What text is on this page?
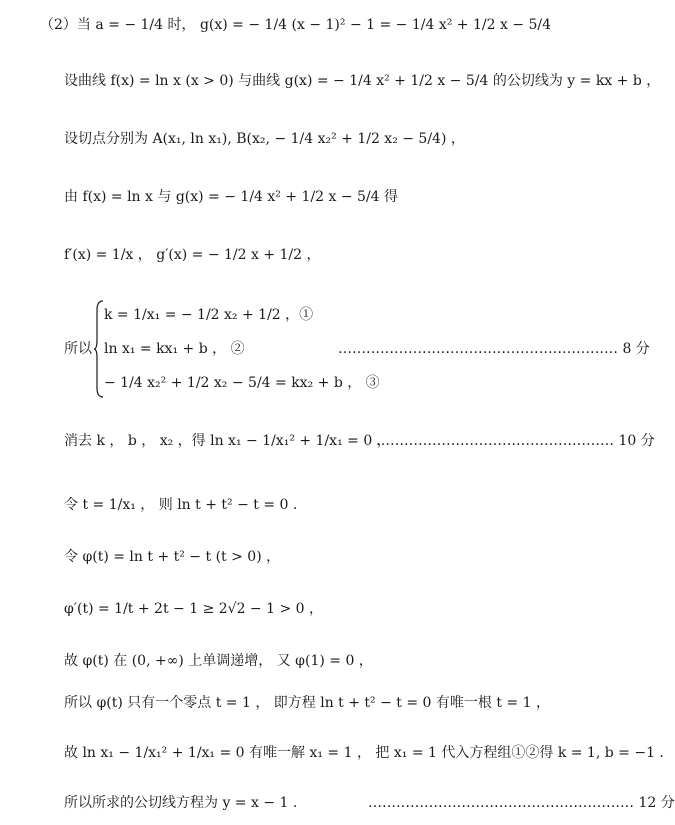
（2）当 a = − 1/4 时， g(x) = − 1/4 (x − 1)² − 1 = − 1/4 x² + 1/2 x − 5/4
设曲线 f(x) = ln x (x > 0) 与曲线 g(x) = − 1/4 x² + 1/2 x − 5/4 的公切线为 y = kx + b ，
设切点分别为 A(x₁, ln x₁), B(x₂, − 1/4 x₂² + 1/2 x₂ − 5/4) ，
由 f(x) = ln x 与 g(x) = − 1/4 x² + 1/2 x − 5/4 得
f′(x) = 1/x ， g′(x) = − 1/2 x + 1/2 ，
所以
k = 1/x₁ = − 1/2 x₂ + 1/2 ，①
ln x₁ = kx₁ + b ， ②
− 1/4 x₂² + 1/2 x₂ − 5/4 = kx₂ + b ， ③
…………………………………………………… 8 分
消去 k ， b ， x₂ ，得 ln x₁ − 1/x₁² + 1/x₁ = 0 ，
…………………………………………… 10 分
令 t = 1/x₁ ， 则 ln t + t² − t = 0 .
令 φ(t) = ln t + t² − t (t > 0) ，
φ′(t) = 1/t + 2t − 1 ≥ 2√2 − 1 > 0 ，
故 φ(t) 在 (0, +∞) 上单调递增， 又 φ(1) = 0 ，
所以 φ(t) 只有一个零点 t = 1 ， 即方程 ln t + t² − t = 0 有唯一根 t = 1 ，
故 ln x₁ − 1/x₁² + 1/x₁ = 0 有唯一解 x₁ = 1 ， 把 x₁ = 1 代入方程组①②得 k = 1, b = −1 .
所以所求的公切线方程为 y = x − 1 .	………………………………………………… 12 分
